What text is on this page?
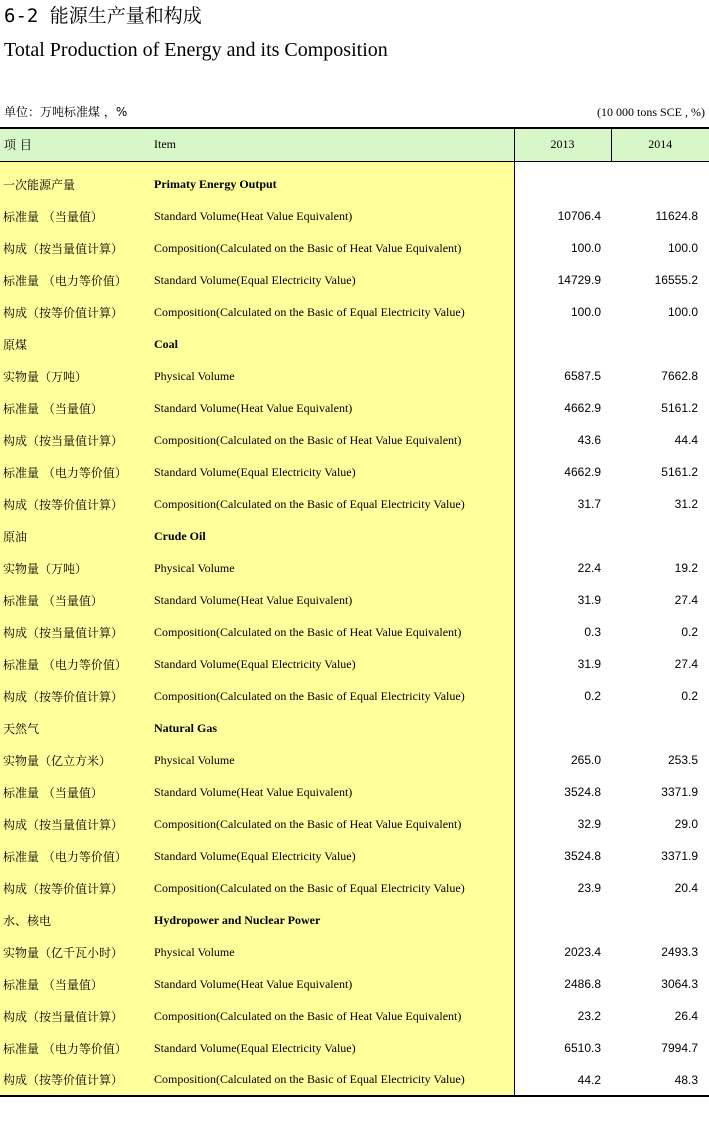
6-2 能源生产量和构成
Total Production of Energy and its Composition
单位：万吨标准煤 ，%	(10 000 tons SCE , %)
项 目	Item	2013	2014
一次能源产量	Primaty Energy Output		
标准量 （当量值）	Standard Volume(Heat Value Equivalent)	10706.4	11624.8
构成（按当量值计算）	Composition(Calculated on the Basic of Heat Value Equivalent)	100.0	100.0
标准量 （电力等价值）	Standard Volume(Equal Electricity Value)	14729.9	16555.2
构成（按等价值计算）	Composition(Calculated on the Basic of Equal Electricity Value)	100.0	100.0
原煤	Coal		
实物量（万吨）	Physical Volume	6587.5	7662.8
标准量 （当量值）	Standard Volume(Heat Value Equivalent)	4662.9	5161.2
构成（按当量值计算）	Composition(Calculated on the Basic of Heat Value Equivalent)	43.6	44.4
标准量 （电力等价值）	Standard Volume(Equal Electricity Value)	4662.9	5161.2
构成（按等价值计算）	Composition(Calculated on the Basic of Equal Electricity Value)	31.7	31.2
原油	Crude Oil		
实物量（万吨）	Physical Volume	22.4	19.2
标准量 （当量值）	Standard Volume(Heat Value Equivalent)	31.9	27.4
构成（按当量值计算）	Composition(Calculated on the Basic of Heat Value Equivalent)	0.3	0.2
标准量 （电力等价值）	Standard Volume(Equal Electricity Value)	31.9	27.4
构成（按等价值计算）	Composition(Calculated on the Basic of Equal Electricity Value)	0.2	0.2
天然气	Natural Gas		
实物量（亿立方米）	Physical Volume	265.0	253.5
标准量 （当量值）	Standard Volume(Heat Value Equivalent)	3524.8	3371.9
构成（按当量值计算）	Composition(Calculated on the Basic of Heat Value Equivalent)	32.9	29.0
标准量 （电力等价值）	Standard Volume(Equal Electricity Value)	3524.8	3371.9
构成（按等价值计算）	Composition(Calculated on the Basic of Equal Electricity Value)	23.9	20.4
水、核电	Hydropower and Nuclear Power		
实物量（亿千瓦小时）	Physical Volume	2023.4	2493.3
标准量 （当量值）	Standard Volume(Heat Value Equivalent)	2486.8	3064.3
构成（按当量值计算）	Composition(Calculated on the Basic of Heat Value Equivalent)	23.2	26.4
标准量 （电力等价值）	Standard Volume(Equal Electricity Value)	6510.3	7994.7
构成（按等价值计算）	Composition(Calculated on the Basic of Equal Electricity Value)	44.2	48.3
